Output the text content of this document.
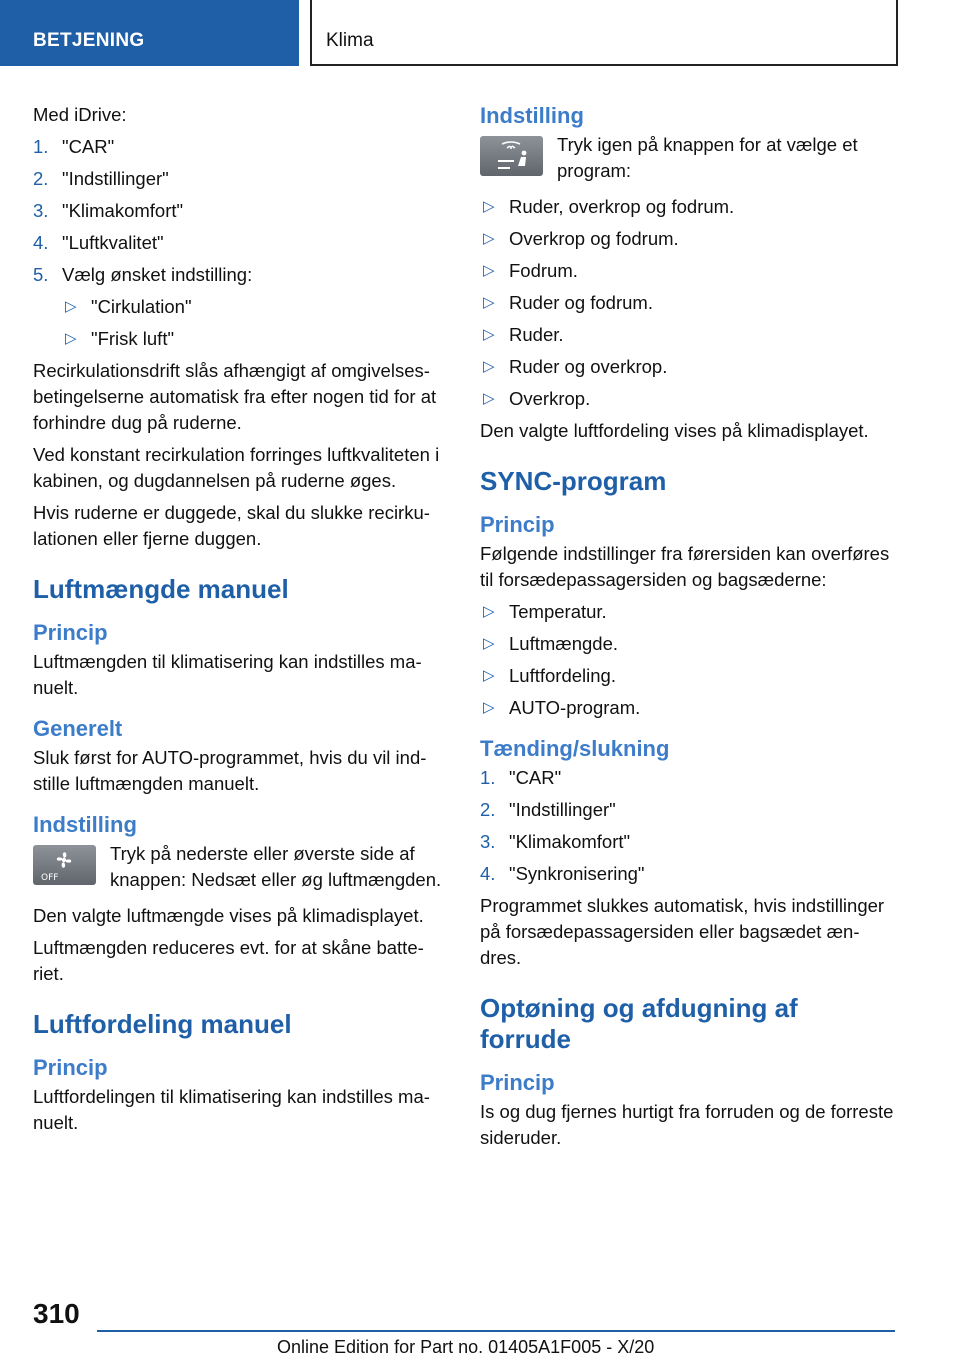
BETJENING	Klima

Med iDrive:

1. "CAR"
2. "Indstillinger"
3. "Klimakomfort"
4. "Luftkvalitet"
5. Vælg ønsket indstilling:
▷ "Cirkulation"
▷ "Frisk luft"

Recirkulationsdrift slås afhængigt af omgivelsesbetingelserne automatisk fra efter nogen tid for at forhindre dug på ruderne.

Ved konstant recirkulation forringes luftkvaliteten i kabinen, og dugdannelsen på ruderne øges.

Hvis ruderne er duggede, skal du slukke recirkulationen eller fjerne duggen.

Luftmængde manuel
Princip

Luftmængden til klimatisering kan indstilles manuelt.

Generelt

Sluk først for AUTO-programmet, hvis du vil indstille luftmængden manuelt.

Indstilling
OFF
Tryk på nederste eller øverste side af knappen: Nedsæt eller øg luftmængden.

Den valgte luftmængde vises på klimadisplayet.

Luftmængden reduceres evt. for at skåne batteriet.

Luftfordeling manuel
Princip

Luftfordelingen til klimatisering kan indstilles manuelt.

Indstilling
Tryk igen på knappen for at vælge et program:
▷ Ruder, overkrop og fodrum.
▷ Overkrop og fodrum.
▷ Fodrum.
▷ Ruder og fodrum.
▷ Ruder.
▷ Ruder og overkrop.
▷ Overkrop.

Den valgte luftfordeling vises på klimadisplayet.

SYNC-program
Princip

Følgende indstillinger fra førersiden kan overføres til forsædepassagersiden og bagsæderne:

▷ Temperatur.
▷ Luftmængde.
▷ Luftfordeling.
▷ AUTO-program.
Tænding/slukning
1. "CAR"
2. "Indstillinger"
3. "Klimakomfort"
4. "Synkronisering"

Programmet slukkes automatisk, hvis indstillinger på forsædepassagersiden eller bagsædet ændres.

Optøning og afdugning af forrude
Princip

Is og dug fjernes hurtigt fra forruden og de forreste sideruder.

310
Online Edition for Part no. 01405A1F005 - X/20
